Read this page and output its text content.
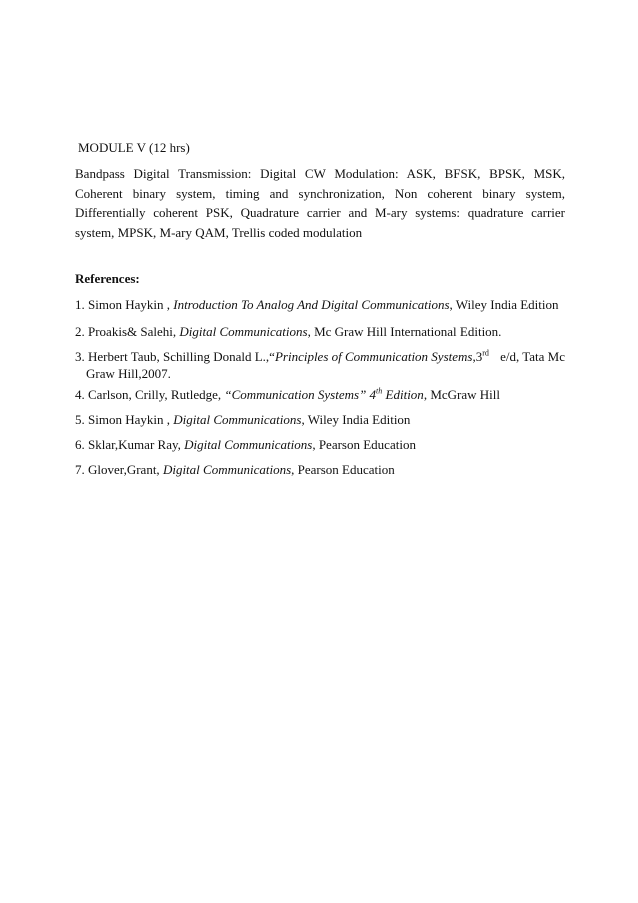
MODULE V (12 hrs)
Bandpass Digital Transmission: Digital CW Modulation: ASK, BFSK, BPSK, MSK, Coherent binary system, timing and synchronization, Non coherent binary system, Differentially coherent PSK, Quadrature carrier and M-ary systems: quadrature carrier system, MPSK, M-ary QAM, Trellis coded modulation
References:
1. Simon Haykin , Introduction To Analog And Digital Communications, Wiley India Edition
2. Proakis& Salehi, Digital Communications, Mc Graw Hill International Edition.
3. Herbert Taub, Schilling Donald L.,“Principles of Communication Systems,3rd e/d, Tata Mc
Graw Hill,2007.
4. Carlson, Crilly, Rutledge, “Communication Systems” 4th Edition, McGraw Hill
5. Simon Haykin , Digital Communications, Wiley India Edition
6. Sklar,Kumar Ray, Digital Communications, Pearson Education
7. Glover,Grant, Digital Communications, Pearson Education
